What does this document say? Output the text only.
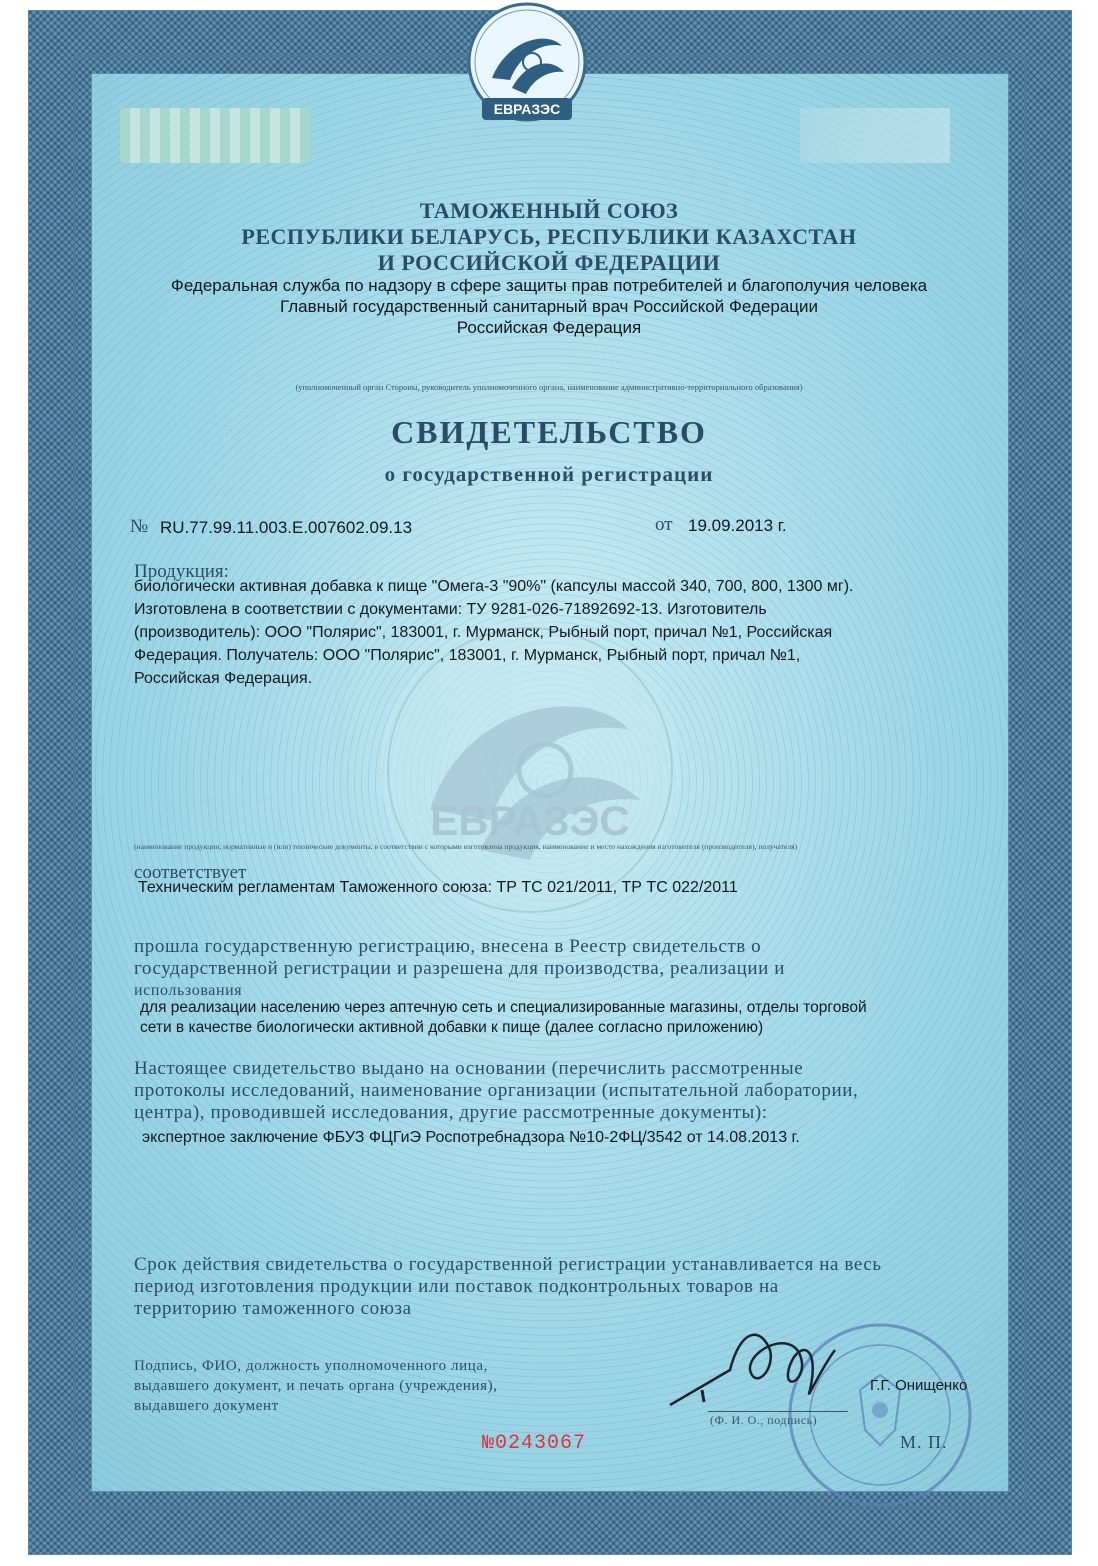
ЕВРАЗЭС
ЕВРАЗЭС
ТАМОЖЕННЫЙ СОЮЗ
РЕСПУБЛИКИ БЕЛАРУСЬ, РЕСПУБЛИКИ КАЗАХСТАН
И РОССИЙСКОЙ ФЕДЕРАЦИИ
Федеральная служба по надзору в сфере защиты прав потребителей и благополучия человека
Главный государственный санитарный врач Российской Федерации
Российская Федерация
(уполномоченный орган Стороны, руководитель уполномоченного органа, наименование административно-территориального образования)
СВИДЕТЕЛЬСТВО
о государственной регистрации
№ RU.77.99.11.003.Е.007602.09.13	от 19.09.2013 г.
Продукция:
биологически активная добавка к пище "Омега-3 "90%" (капсулы массой 340, 700, 800, 1300 мг).
Изготовлена в соответствии с документами: ТУ 9281-026-71892692-13. Изготовитель
(производитель): ООО "Полярис", 183001, г. Мурманск, Рыбный порт, причал №1, Российская
Федерация. Получатель: ООО "Полярис", 183001, г. Мурманск, Рыбный порт, причал №1,
Российская Федерация.
(наименование продукции, нормативные и (или) технические документы, в соответствии с которыми изготовлена продукция, наименование и место нахождения изготовителя (производителя), получателя)
соответствует
Техническим регламентам Таможенного союза: ТР ТС 021/2011, ТР ТС 022/2011
прошла государственную регистрацию, внесена в Реестр свидетельств о
государственной регистрации и разрешена для производства, реализации и
использования
для реализации населению через аптечную сеть и специализированные магазины, отделы торговой
сети в качестве биологически активной добавки к пище (далее согласно приложению)
Настоящее свидетельство выдано на основании (перечислить рассмотренные
протоколы исследований, наименование организации (испытательной лаборатории,
центра), проводившей исследования, другие рассмотренные документы):
экспертное заключение ФБУЗ ФЦГиЭ Роспотребнадзора №10-2ФЦ/3542 от 14.08.2013 г.
Срок действия свидетельства о государственной регистрации устанавливается на весь
период изготовления продукции или поставок подконтрольных товаров на
территорию таможенного союза
Подпись, ФИО, должность уполномоченного лица,
выдавшего документ, и печать органа (учреждения),
выдавшего документ
Г.Г. Онищенко
(Ф. И. О., подпись)
М. П.
№0243067
